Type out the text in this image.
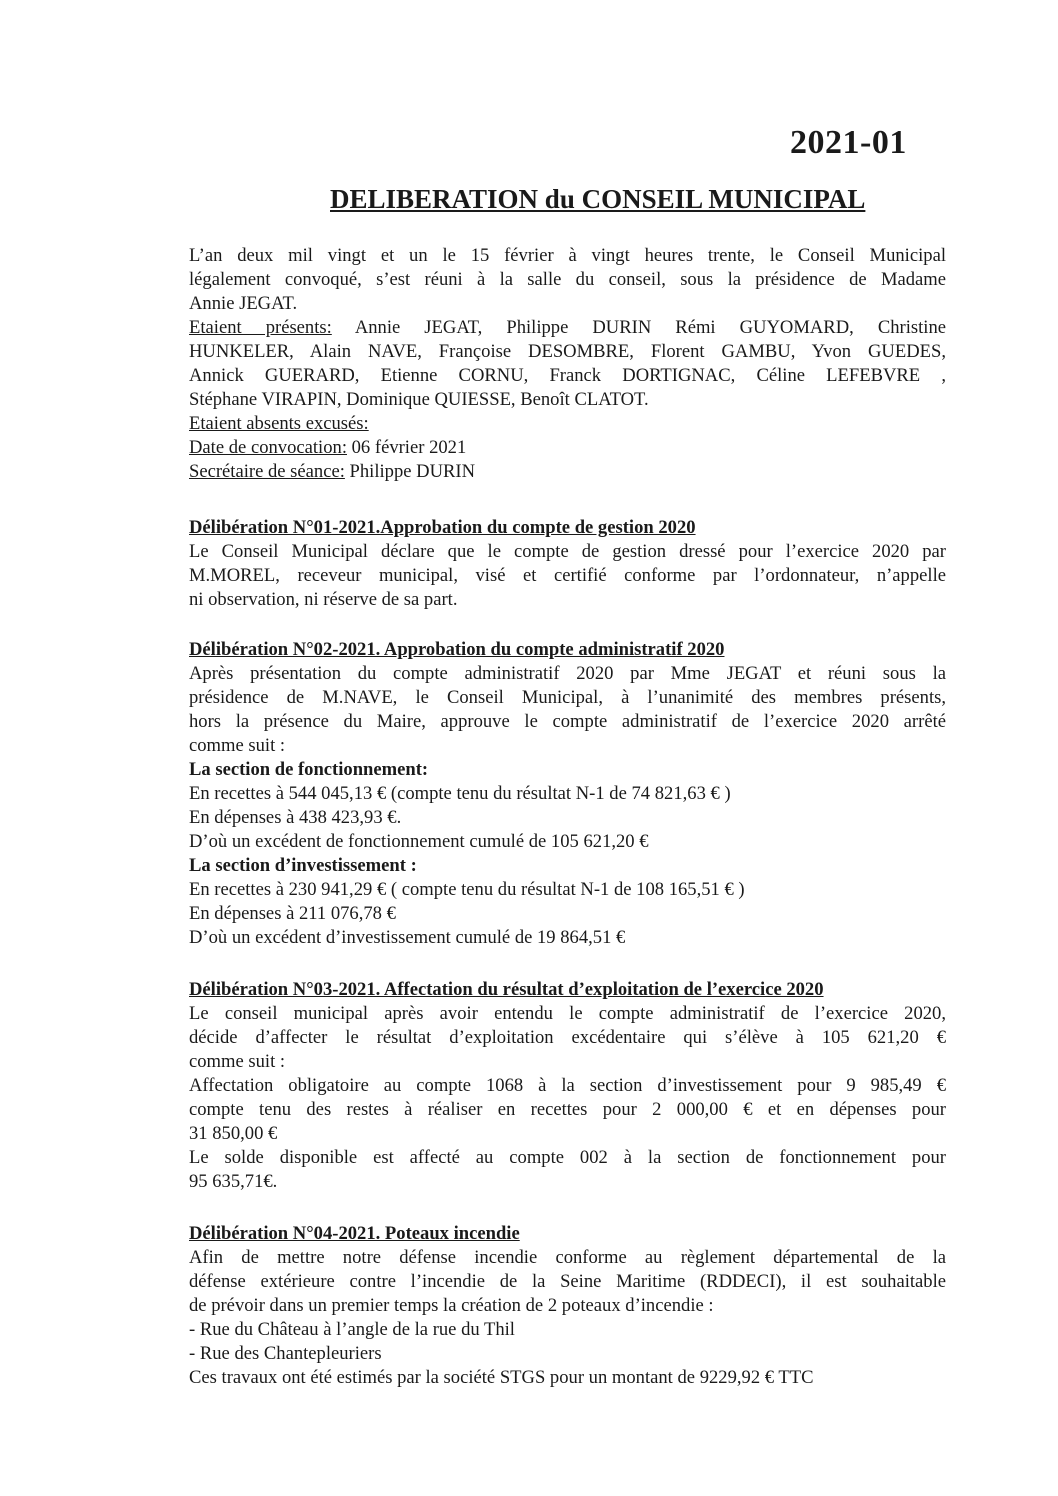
2021-01
DELIBERATION du CONSEIL MUNICIPAL
L’an deux mil vingt et un le 15 février à vingt heures trente, le Conseil Municipal
légalement convoqué, s’est réuni à la salle du conseil, sous la présidence de Madame
Annie JEGAT.
Etaient présents: Annie JEGAT, Philippe DURIN Rémi GUYOMARD, Christine
HUNKELER, Alain NAVE, Françoise DESOMBRE, Florent GAMBU, Yvon GUEDES,
Annick GUERARD, Etienne CORNU, Franck DORTIGNAC, Céline LEFEBVRE ,
Stéphane VIRAPIN, Dominique QUIESSE, Benoît CLATOT.
Etaient absents excusés:
Date de convocation: 06 février 2021
Secrétaire de séance: Philippe DURIN

Délibération N°01-2021.Approbation du compte de gestion 2020

Le Conseil Municipal déclare que le compte de gestion dressé pour l’exercice 2020 par
M.MOREL, receveur municipal, visé et certifié conforme par l’ordonnateur, n’appelle
ni observation, ni réserve de sa part.

Délibération N°02-2021. Approbation du compte administratif 2020

Après présentation du compte administratif 2020 par Mme JEGAT et réuni sous la
présidence de M.NAVE, le Conseil Municipal, à l’unanimité des membres présents,
hors la présence du Maire, approuve le compte administratif de l’exercice 2020 arrêté
comme suit :
La section de fonctionnement:
En recettes à 544 045,13 € (compte tenu du résultat N-1 de 74 821,63 € )
En dépenses à 438 423,93 €.
D’où un excédent de fonctionnement cumulé de 105 621,20 €
La section d’investissement :
En recettes à 230 941,29 € ( compte tenu du résultat N-1 de 108 165,51 € )
En dépenses à 211 076,78 €
D’où un excédent d’investissement cumulé de 19 864,51 €

Délibération N°03-2021. Affectation du résultat d’exploitation de l’exercice 2020

Le conseil municipal après avoir entendu le compte administratif de l’exercice 2020,
décide d’affecter le résultat d’exploitation excédentaire qui s’élève à 105 621,20 €
comme suit :
Affectation obligatoire au compte 1068 à la section d’investissement pour 9 985,49 €
compte tenu des restes à réaliser en recettes pour 2 000,00 € et en dépenses pour
31 850,00 €
Le solde disponible est affecté au compte 002 à la section de fonctionnement pour
95 635,71€.

Délibération N°04-2021. Poteaux incendie

Afin de mettre notre défense incendie conforme au règlement départemental de la
défense extérieure contre l’incendie de la Seine Maritime (RDDECI), il est souhaitable
de prévoir dans un premier temps la création de 2 poteaux d’incendie :
- Rue du Château à l’angle de la rue du Thil
- Rue des Chantepleuriers
Ces travaux ont été estimés par la société STGS pour un montant de 9229,92 € TTC
